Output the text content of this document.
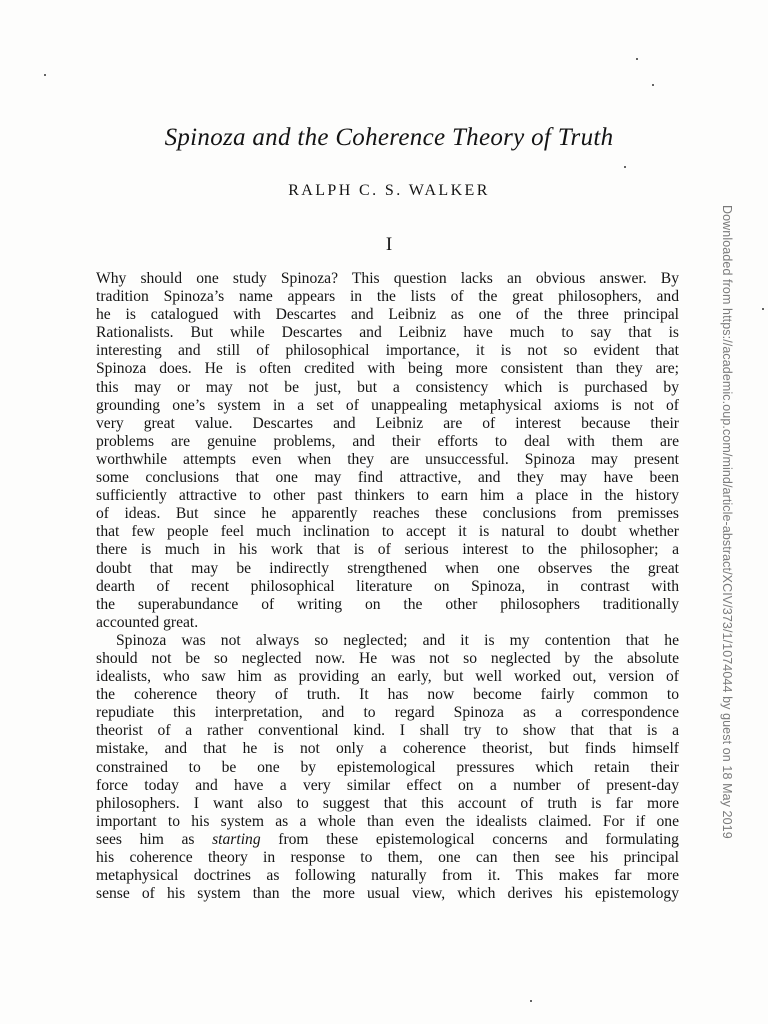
Spinoza and the Coherence Theory of Truth
RALPH C. S. WALKER
I
Why should one study Spinoza? This question lacks an obvious answer. By
tradition Spinoza’s name appears in the lists of the great philosophers, and
he is catalogued with Descartes and Leibniz as one of the three principal
Rationalists. But while Descartes and Leibniz have much to say that is
interesting and still of philosophical importance, it is not so evident that
Spinoza does. He is often credited with being more consistent than they are;
this may or may not be just, but a consistency which is purchased by
grounding one’s system in a set of unappealing metaphysical axioms is not of
very great value. Descartes and Leibniz are of interest because their
problems are genuine problems, and their efforts to deal with them are
worthwhile attempts even when they are unsuccessful. Spinoza may present
some conclusions that one may find attractive, and they may have been
sufficiently attractive to other past thinkers to earn him a place in the history
of ideas. But since he apparently reaches these conclusions from premisses
that few people feel much inclination to accept it is natural to doubt whether
there is much in his work that is of serious interest to the philosopher; a
doubt that may be indirectly strengthened when one observes the great
dearth of recent philosophical literature on Spinoza, in contrast with
the superabundance of writing on the other philosophers traditionally
accounted great.
Spinoza was not always so neglected; and it is my contention that he
should not be so neglected now. He was not so neglected by the absolute
idealists, who saw him as providing an early, but well worked out, version of
the coherence theory of truth. It has now become fairly common to
repudiate this interpretation, and to regard Spinoza as a correspondence
theorist of a rather conventional kind. I shall try to show that that is a
mistake, and that he is not only a coherence theorist, but finds himself
constrained to be one by epistemological pressures which retain their
force today and have a very similar effect on a number of present-day
philosophers. I want also to suggest that this account of truth is far more
important to his system as a whole than even the idealists claimed. For if one
sees him as starting from these epistemological concerns and formulating
his coherence theory in response to them, one can then see his principal
metaphysical doctrines as following naturally from it. This makes far more
sense of his system than the more usual view, which derives his epistemology
Downloaded from https://academic.oup.com/mind/article-abstract/XCIV/373/1/1074044 by guest on 18 May 2019
